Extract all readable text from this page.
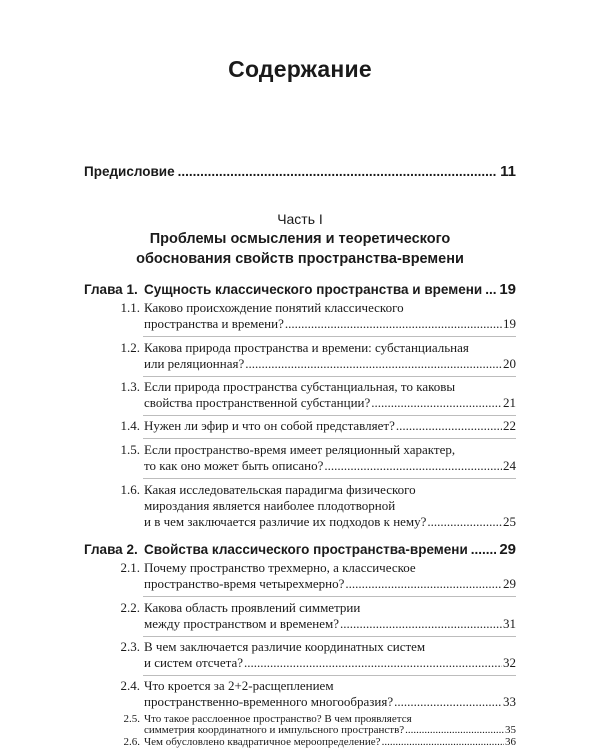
Содержание
Предисловие .....	11
Часть I
Проблемы осмысления и теоретического
обоснования свойств пространства-времени
Глава 1. Сущность классического пространства и времени ..... 19
1.1. Каково происхождение понятий классического
пространства и времени? .....	19
1.2. Какова природа пространства и времени: субстанциальная
или реляционная? .....	20
1.3. Если природа пространства субстанциальная, то каковы
свойства пространственной субстанции? .....	21
1.4. Нужен ли эфир и что он собой представляет? .....	22
1.5. Если пространство-время имеет реляционный характер,
то как оно может быть описано? .....	24
1.6. Какая исследовательская парадигма физического
мироздания является наиболее плодотворной
и в чем заключается различие их подходов к нему? .....	25
Глава 2. Свойства классического пространства-времени ..... 29
2.1. Почему пространство трехмерно, а классическое
пространство-время четырехмерно? .....	29
2.2. Какова область проявлений симметрии
между пространством и временем? .....	31
2.3. В чем заключается различие координатных систем
и систем отсчета? .....	32
2.4. Что кроется за 2+2-расщеплением
пространственно-временного многообразия? .....	33
2.5. Что такое расслоенное пространство? В чем проявляется
симметрия координатного и импульсного пространств? .....	35
2.6. Чем обусловлено квадратичное мероопределение? .....	36
